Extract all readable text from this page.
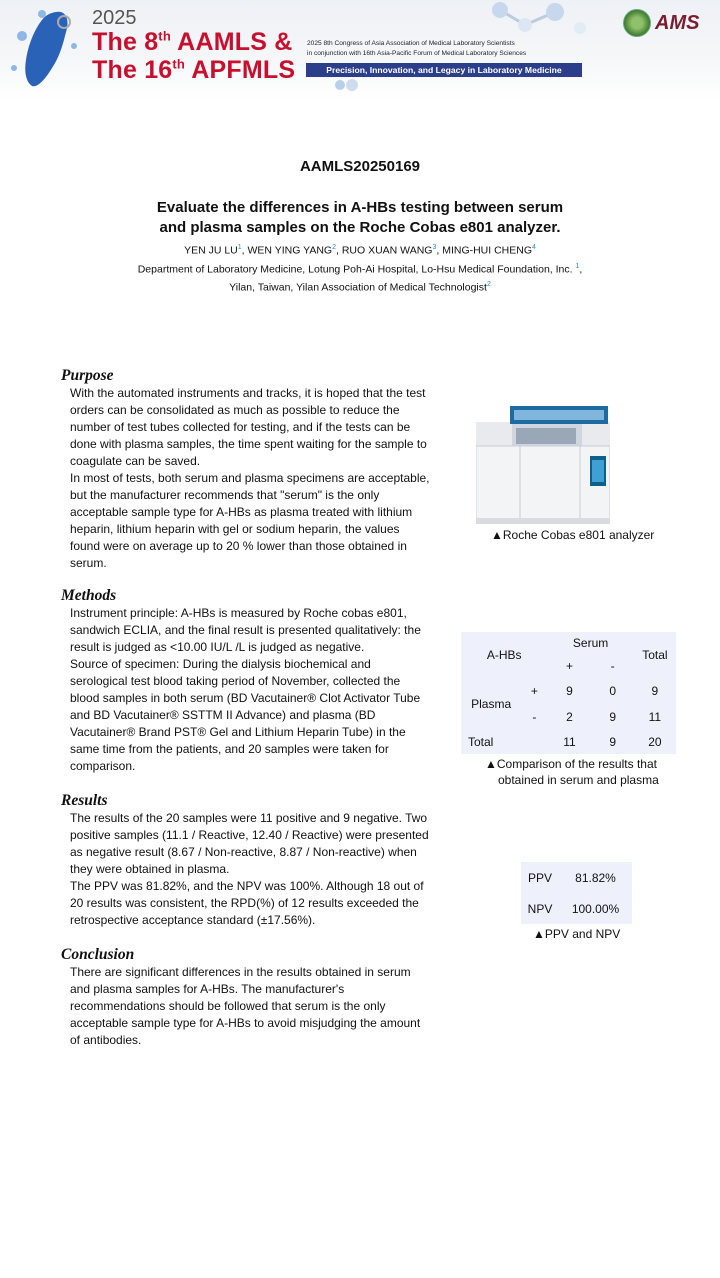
2025
The 8th AAMLS &
The 16th APFMLS
2025 8th Congress of Asia Association of Medical Laboratory Scientists
in conjunction with 16th Asia-Pacific Forum of Medical Laboratory Sciences
Precision, Innovation, and Legacy in Laboratory Medicine
AMS
AAMLS20250169
Evaluate the differences in A-HBs testing between serum
and plasma samples on the Roche Cobas e801 analyzer.
YEN JU $LU^1$, WEN YING YANG$^2$, RUO XUAN WANG$^3$, MING-HUI CHENG$^4$
Department of Laboratory Medicine, Lotung Poh-Ai Hospital, Lo-Hsu Medical Foundation, Inc. $^1$,
Yilan, Taiwan, Yilan Association of Medical Technologist$^2$
Purpose

With the automated instruments and tracks, it is hoped that the test orders can be consolidated as much as possible to reduce the number of test tubes collected for testing, and if the tests can be done with plasma samples, the time spent waiting for the sample to coagulate can be saved.

In most of tests, both serum and plasma specimens are acceptable, but the manufacturer recommends that "serum" is the only acceptable sample type for A-HBs as plasma treated with lithium heparin, lithium heparin with gel or sodium heparin, the values found were on average up to 20 % lower than those obtained in serum.

▲Roche Cobas e801 analyzer
Methods

Instrument principle: A-HBs is measured by Roche cobas e801, sandwich ECLIA, and the final result is presented qualitatively: the result is judged as <10.00 IU/L /L is judged as negative.

Source of specimen: During the dialysis biochemical and serological test blood taking period of November, collected the blood samples in both serum (BD Vacutainer® Clot Activator Tube and BD Vacutainer® SSTTM II Advance) and plasma (BD Vacutainer® Brand PST® Gel and Lithium Heparin Tube) in the same time from the patients, and 20 samples were taken for comparison.

A-HBs		Serum		Total
		+	-	
Plasma	+	9	0	9
	-	2	9	11
Total		11	9	20
▲Comparison of the results that
obtained in serum and plasma
Results

The results of the 20 samples were 11 positive and 9 negative. Two positive samples (11.1 / Reactive, 12.40 / Reactive) were presented as negative result (8.67 / Non-reactive, 8.87 / Non-reactive) when they were obtained in plasma.

The PPV was 81.82%, and the NPV was 100%. Although 18 out of 20 results was consistent, the RPD(%) of 12 results exceeded the retrospective acceptance standard (±17.56%).

PPV	81.82%
NPV	100.00%
▲PPV and NPV
Conclusion

There are significant differences in the results obtained in serum and plasma samples for A-HBs. The manufacturer's recommendations should be followed that serum is the only acceptable sample type for A-HBs to avoid misjudging the amount of antibodies.
